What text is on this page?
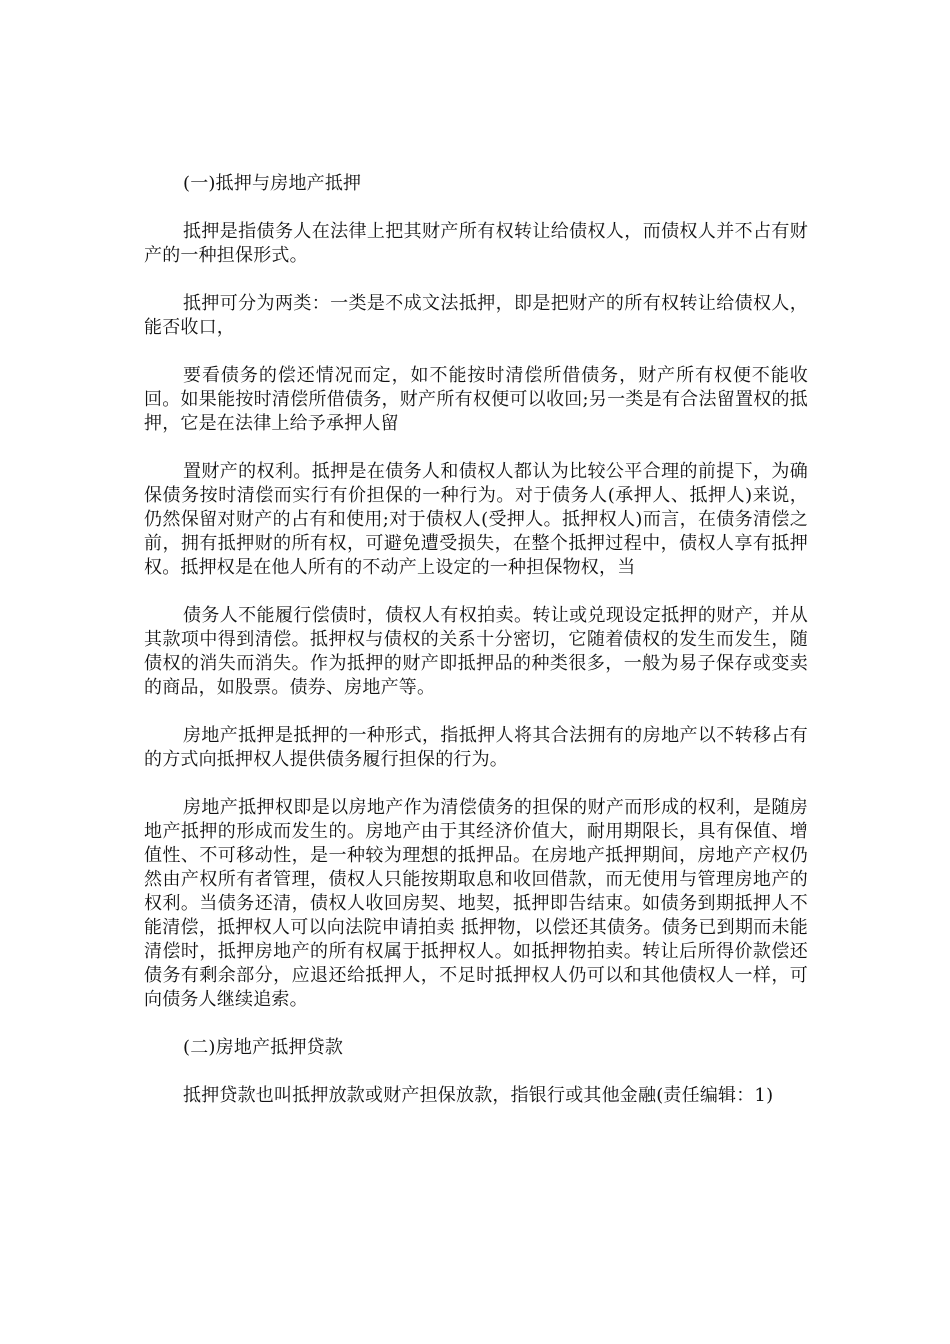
(一)抵押与房地产抵押

抵押是指债务人在法律上把其财产所有权转让给债权人，而债权人并不占有财产的一种担保形式。

抵押可分为两类：一类是不成文法抵押，即是把财产的所有权转让给债权人，能否收口，

要看债务的偿还情况而定，如不能按时清偿所借债务，财产所有权便不能收回。如果能按时清偿所借债务，财产所有权便可以收回;另一类是有合法留置权的抵押，它是在法律上给予承押人留

置财产的权利。抵押是在债务人和债权人都认为比较公平合理的前提下，为确保债务按时清偿而实行有价担保的一种行为。对于债务人(承押人、抵押人)来说，仍然保留对财产的占有和使用;对于债权人(受押人。抵押权人)而言，在债务清偿之前，拥有抵押财的所有权，可避免遭受损失，在整个抵押过程中，债权人享有抵押权。抵押权是在他人所有的不动产上设定的一种担保物权，当

债务人不能履行偿债时，债权人有权拍卖。转让或兑现设定抵押的财产，并从其款项中得到清偿。抵押权与债权的关系十分密切，它随着债权的发生而发生，随债权的消失而消失。作为抵押的财产即抵押品的种类很多，一般为易子保存或变卖的商品，如股票。债券、房地产等。

房地产抵押是抵押的一种形式，指抵押人将其合法拥有的房地产以不转移占有的方式向抵押权人提供债务履行担保的行为。

房地产抵押权即是以房地产作为清偿债务的担保的财产而形成的权利，是随房地产抵押的形成而发生的。房地产由于其经济价值大，耐用期限长，具有保值、增值性、不可移动性，是一种较为理想的抵押品。在房地产抵押期间，房地产产权仍然由产权所有者管理，债权人只能按期取息和收回借款，而无使用与管理房地产的权利。当债务还清，债权人收回房契、地契，抵押即告结束。如债务到期抵押人不能清偿，抵押权人可以向法院申请拍卖 抵押物，以偿还其债务。债务已到期而未能清偿时，抵押房地产的所有权属于抵押权人。如抵押物拍卖。转让后所得价款偿还债务有剩余部分，应退还给抵押人，不足时抵押权人仍可以和其他债权人一样，可向债务人继续追索。

(二)房地产抵押贷款

抵押贷款也叫抵押放款或财产担保放款，指银行或其他金融(责任编辑：1)
